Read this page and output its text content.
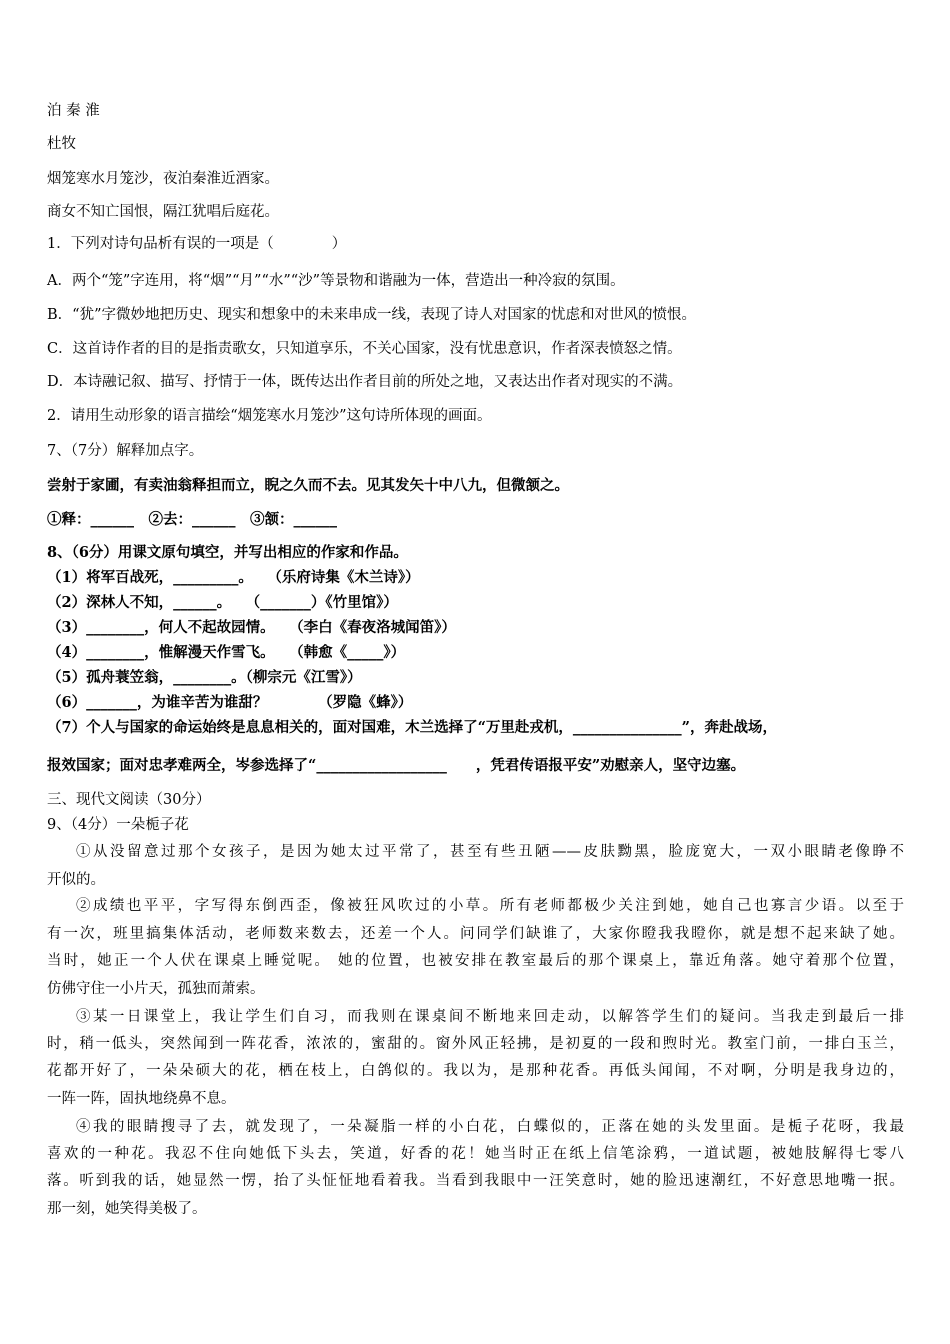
泊 秦 淮
杜牧
烟笼寒水月笼沙，夜泊秦淮近酒家。
商女不知亡国恨，隔江犹唱后庭花。
1．下列对诗句品析有误的一项是（　　　　）
A．两个“笼”字连用，将“烟”“月”“水”“沙”等景物和谐融为一体，营造出一种冷寂的氛围。
B．“犹”字微妙地把历史、现实和想象中的未来串成一线，表现了诗人对国家的忧虑和对世风的愤恨。
C．这首诗作者的目的是指责歌女，只知道享乐，不关心国家，没有忧患意识，作者深表愤怒之情。
D．本诗融记叙、描写、抒情于一体，既传达出作者目前的所处之地，又表达出作者对现实的不满。
2．请用生动形象的语言描绘“烟笼寒水月笼沙”这句诗所体现的画面。
7、（7分）解释加点字。
尝射于家圃，有卖油翁释担而立，睨之久而不去。见其发矢十中八九，但微颔之。
①释：______　②去：______　③颔：______
8、（6分）用课文原句填空，并写出相应的作家和作品。
（1）将军百战死，_________。　　（乐府诗集《木兰诗》）
（2）深林人不知，______。　　（_______）《竹里馆》）
（3）________，何人不起故园情。　　（李白《春夜洛城闻笛》）
（4）________，惟解漫天作雪飞。　　（韩愈《_____》）
（5）孤舟蓑笠翁，________。（柳宗元《江雪》）
（6）_______，为谁辛苦为谁甜？　　　　（罗隐《蜂》）
（7）个人与国家的命运始终是息息相关的，面对国难，木兰选择了“万里赴戎机，_______________”，奔赴战场，
报效国家；面对忠孝难两全，岑参选择了“__________________　　，凭君传语报平安”劝慰亲人，坚守边塞。
三、现代文阅读（30分）
9、（4分）一朵栀子花
①从没留意过那个女孩子，是因为她太过平常了，甚至有些丑陋——皮肤黝黑，脸庞宽大，一双小眼睛老像睁不
开似的。
②成绩也平平，字写得东倒西歪，像被狂风吹过的小草。所有老师都极少关注到她，她自己也寡言少语。以至于
有一次，班里搞集体活动，老师数来数去，还差一个人。问同学们缺谁了，大家你瞪我我瞪你，就是想不起来缺了她。
当时，她正一个人伏在课桌上睡觉呢。 她的位置，也被安排在教室最后的那个课桌上，靠近角落。她守着那个位置，
仿佛守住一小片天，孤独而萧索。
③某一日课堂上，我让学生们自习，而我则在课桌间不断地来回走动，以解答学生们的疑问。当我走到最后一排
时，稍一低头，突然闻到一阵花香，浓浓的，蜜甜的。窗外风正轻拂，是初夏的一段和煦时光。教室门前，一排白玉兰，
花都开好了，一朵朵硕大的花，栖在枝上，白鸽似的。我以为，是那种花香。再低头闻闻，不对啊，分明是我身边的，
一阵一阵，固执地绕鼻不息。
④我的眼睛搜寻了去，就发现了，一朵凝脂一样的小白花，白蝶似的，正落在她的头发里面。是栀子花呀，我最
喜欢的一种花。我忍不住向她低下头去，笑道，好香的花！她当时正在纸上信笔涂鸦，一道试题，被她肢解得七零八
落。听到我的话，她显然一愣，抬了头怔怔地看着我。当看到我眼中一汪笑意时，她的脸迅速潮红，不好意思地嘴一抿。
那一刻，她笑得美极了。
